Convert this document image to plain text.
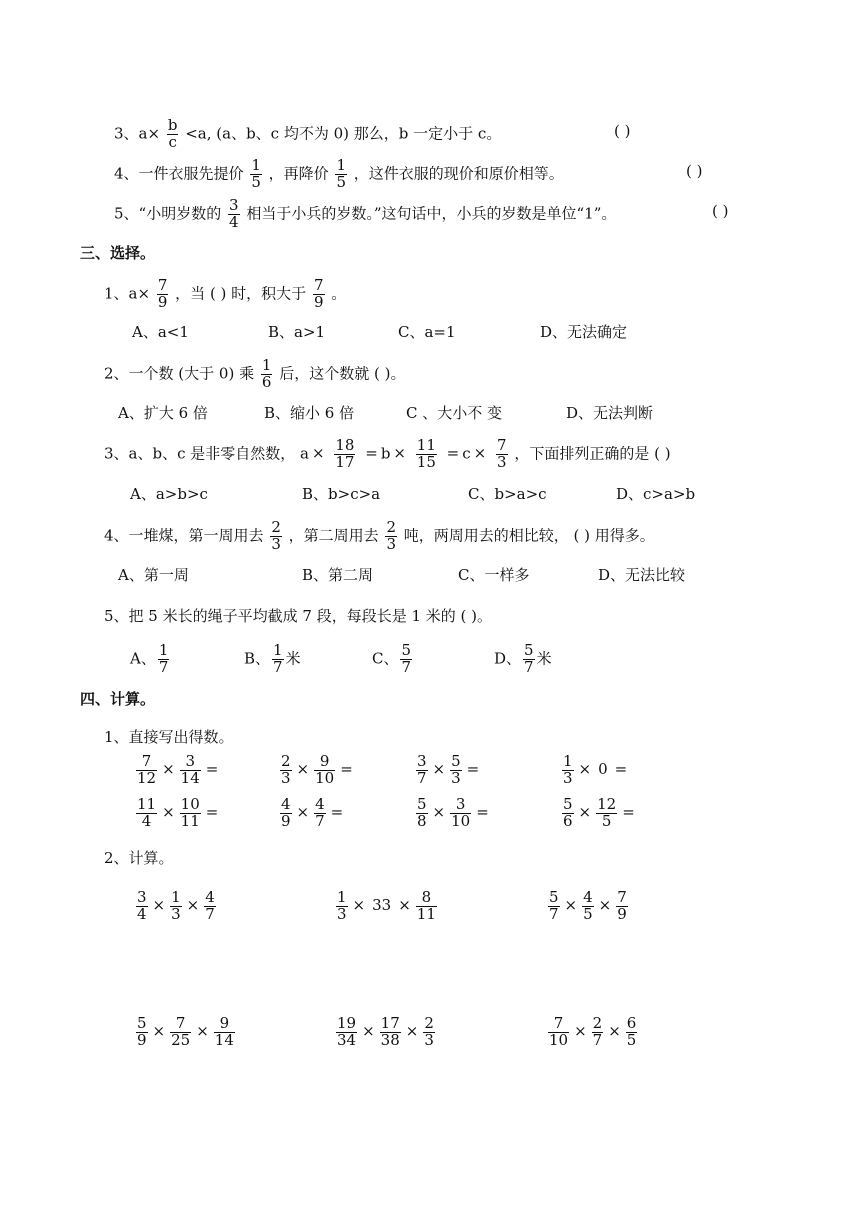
3、$a\times \frac{b}{c} <a$, (a、b、c 均不为 0) 那么，b 一定小于 c。	( )
4、一件衣服先提价 $\frac{1}{5}$ ，再降价 $\frac{1}{5}$ ，这件衣服的现价和原价相等。	( )
5、“小明岁数的 $\frac{3}{4}$ 相当于小兵的岁数。”这句话中，小兵的岁数是单位“1”。	( )
三、选择。
1、$a\times \frac{7}{9}$ ，当 ( ) 时，积大于 $\frac{7}{9}$ 。
A、a<1	B、a>1	C、a=1	D、无法确定
2、一个数 (大于 0) 乘 $\frac{1}{6}$ 后，这个数就 ( )。
A、扩大 6 倍	B、缩小 6 倍	C 、大小不 变	D、无法判断
3、a、b、c 是非零自然数， $a \times \frac{18}{17} = b \times \frac{11}{15} = c \times \frac{7}{3}$ ，下面排列正确的是 ( )
A、a>b>c	B、b>c>a	C、b>a>c	D、c>a>b
4、一堆煤，第一周用去 $\frac{2}{3}$ ，第二周用去 $\frac{2}{3}$ 吨，两周用去的相比较， ( ) 用得多。
A、第一周	B、第二周	C、一样多	D、无法比较
5、把 5 米长的绳子平均截成 7 段，每段长是 1 米的 ( )。
A、 $\frac{1}{7}$	B、 $\frac{1}{7}$ 米	C、 $\frac{5}{7}$	D、 $\frac{5}{7}$ 米
四、计算。
1、直接写出得数。
2、计算。
$\frac{7}{12} \times \frac{3}{14}$ =	$\frac{2}{3} \times \frac{9}{10}$ =	$\frac{3}{7} \times \frac{5}{3}$ =	$\frac{1}{3} \times 0$ =
$\frac{11}{4} \times \frac{10}{11}$ =	$\frac{4}{9} \times \frac{4}{7}$ =	$\frac{5}{8} \times \frac{3}{10}$ =	$\frac{5}{6} \times \frac{12}{5}$ =
$\frac{3}{4} \times \frac{1}{3} \times \frac{4}{7}$	$\frac{1}{3} \times 33 \times \frac{8}{11}$	$\frac{5}{7} \times \frac{4}{5} \times \frac{7}{9}$
$\frac{5}{9} \times \frac{7}{25} \times \frac{9}{14}$	$\frac{19}{34} \times \frac{17}{38} \times \frac{2}{3}$	$\frac{7}{10} \times \frac{2}{7} \times \frac{6}{5}$
